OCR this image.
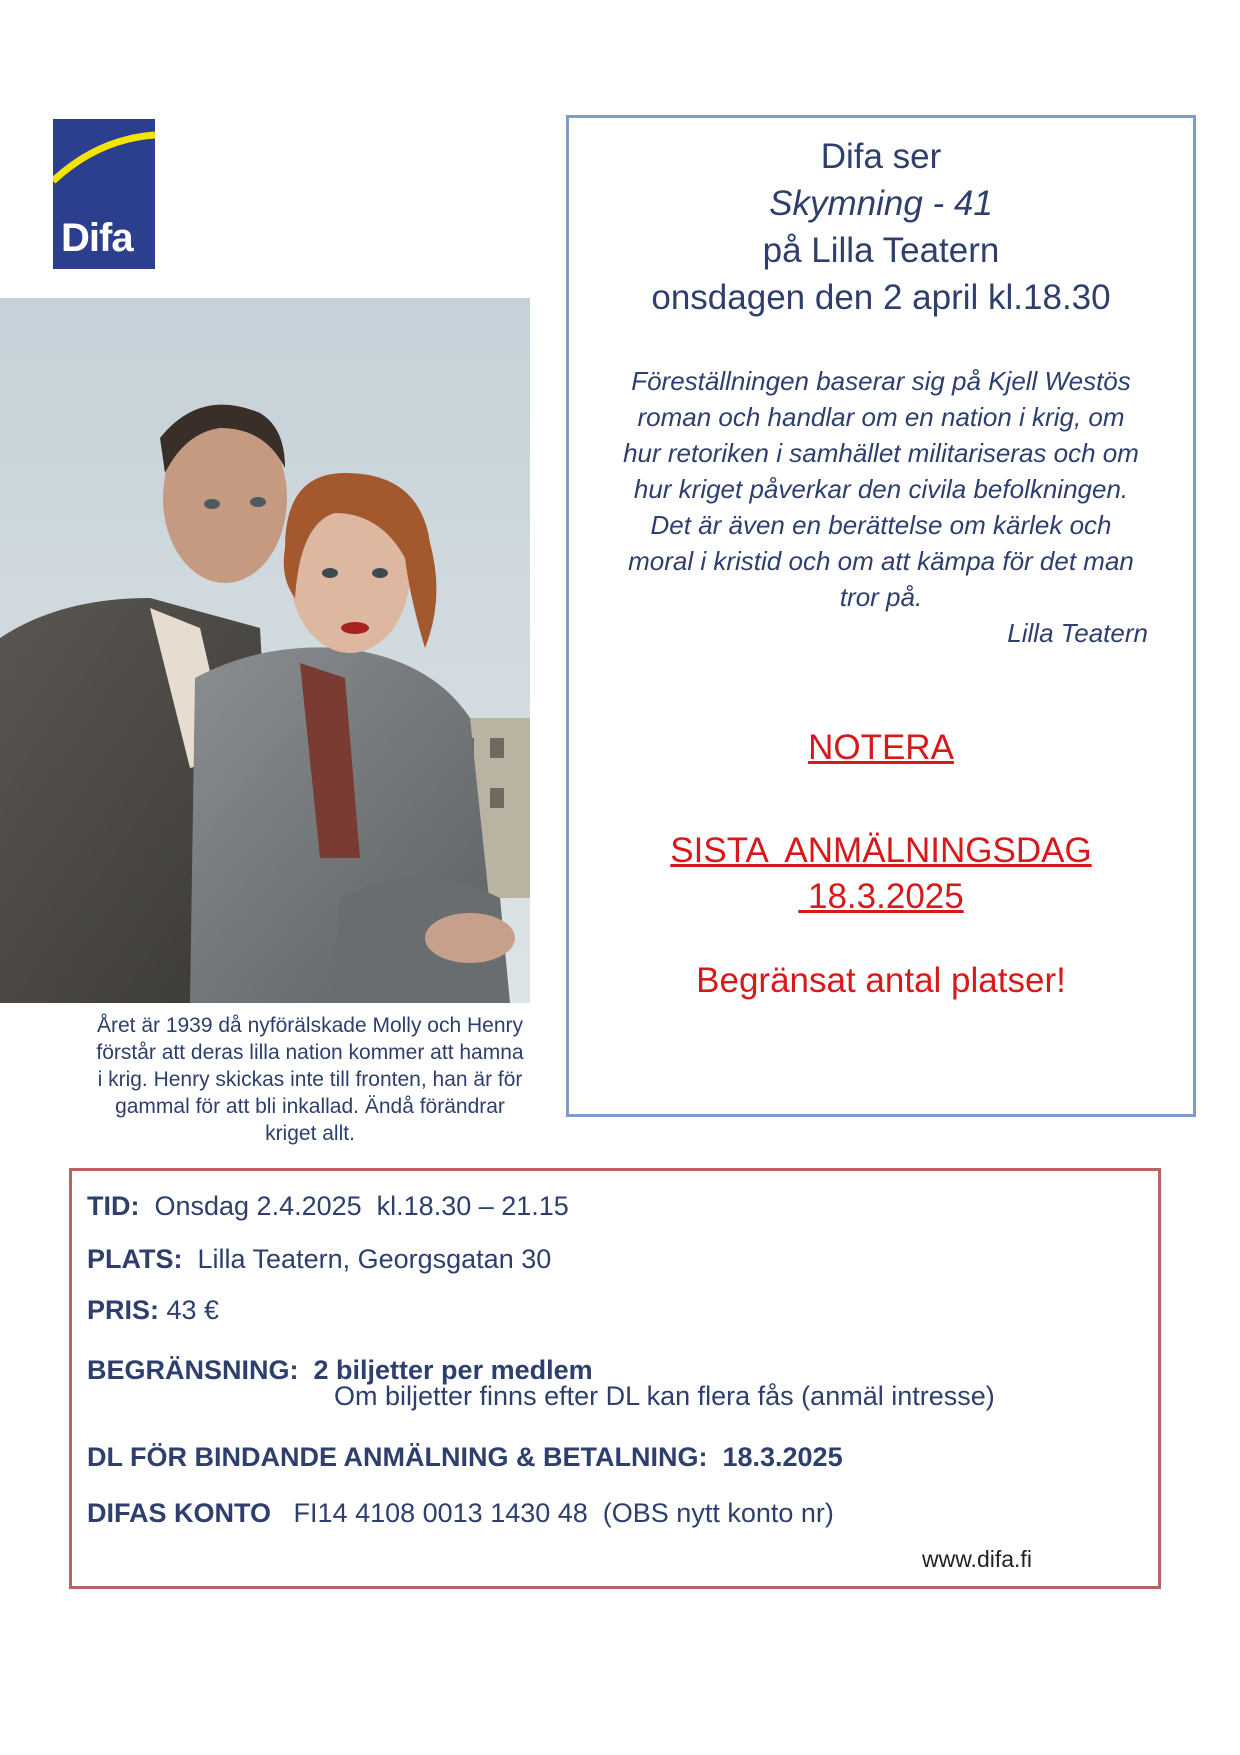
Difa
Året är 1939 då nyförälskade Molly och Henry
förstår att deras lilla nation kommer att hamna
i krig. Henry skickas inte till fronten, han är för
gammal för att bli inkallad. Ändå förändrar
kriget allt.
Difa ser
Skymning - 41
på Lilla Teatern
onsdagen den 2 april kl.18.30
Föreställningen baserar sig på Kjell Westös
roman och handlar om en nation i krig, om
hur retoriken i samhället militariseras och om
hur kriget påverkar den civila befolkningen.
Det är även en berättelse om kärlek och
moral i kristid och om att kämpa för det man
tror på.
Lilla Teatern
NOTERA
SISTA  ANMÄLNINGSDAG
18.3.2025
Begränsat antal platser!
TID:  Onsdag 2.4.2025  kl.18.30 – 21.15
PLATS:  Lilla Teatern, Georgsgatan 30
PRIS: 43 €
BEGRÄNSNING:  2 biljetter per medlem
Om biljetter finns efter DL kan flera fås (anmäl intresse)
DL FÖR BINDANDE ANMÄLNING & BETALNING:  18.3.2025
DIFAS KONTO   FI14 4108 0013 1430 48  (OBS nytt konto nr)
www.difa.fi
